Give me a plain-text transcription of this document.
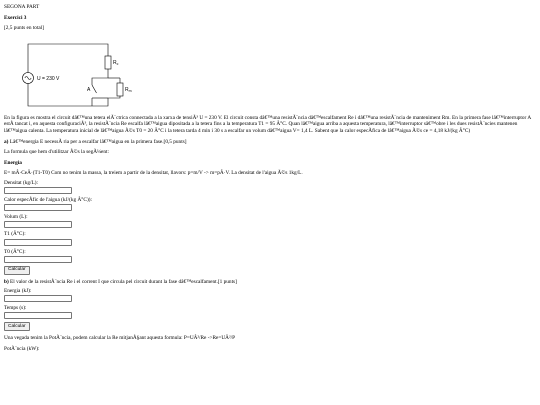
SEGONA PART
Exercici 3
[2,5 punts en total]
U = 230 V
$R_c$
A	$R_m$
En la figura es mostra el circuit dâ€™una tetera elÃ¨ctrica connectada a la xarxa de tensiÃ³ U = 230 V. El circuit consta dâ€™una resistÃ¨ncia dâ€™escalfament Re i dâ€™una resistÃ¨ncia de manteniment Rm. En la primera fase lâ€™interruptor A estÃ tancat i, en aquesta configuraciÃ³, la resistÃ¨ncia Re escalfa lâ€™aigua dipositada a la tetera fins a la temperatura T1 = 95 Â°C. Quan lâ€™aigua arriba a aquesta temperatura, lâ€™interruptor sâ€™obre i les dues resistÃ¨ncies mantenen lâ€™aigua calenta. La temperatura inicial de lâ€™aigua Ã©s T0 = 20 Â°C i la tetera tarda 4 min i 30 s a escalfar un volum dâ€™aigua V= 1,4 L. Sabent que la calor especÃfica de lâ€™aigua Ã©s ce = 4,18 kJ/(kg Â°C)
a) Lâ€™energia E necessÃ ria per a escalfar lâ€™aigua en la primera fase.[0,5 punts]
La formula que hem d'utilitzar Ã©s la segÃ¼ent:
Energia
E= mÂ·CeÂ·(T1-T0) Com no tenim la massa, la treiem a partir de la densitat, llavors: p=m/V -> m=pÂ·V. La densitat de l'aigua Ã©s 1kg/L.
Densitat (kg/L):
Calor especÃfic de l'aigua (kJ/(kg Â°C)):
Volum (L):
T1 (Â°C):
T0 (Â°C):
Calcular
b) El valor de la resistÃ¨ncia Re i el corrent I que circula pel circuit durant la fase dâ€™escalfament.[1 punts]
Energia (kJ):
Temps (s):
Calcular
Una vegada tenim la PotÃ¨ncia, podem calcular la Re mitjanÃ§ant aquesta formula: P=UÂ²/Re ->Re=UÂ²/P
PotÃ¨ncia (kW):
